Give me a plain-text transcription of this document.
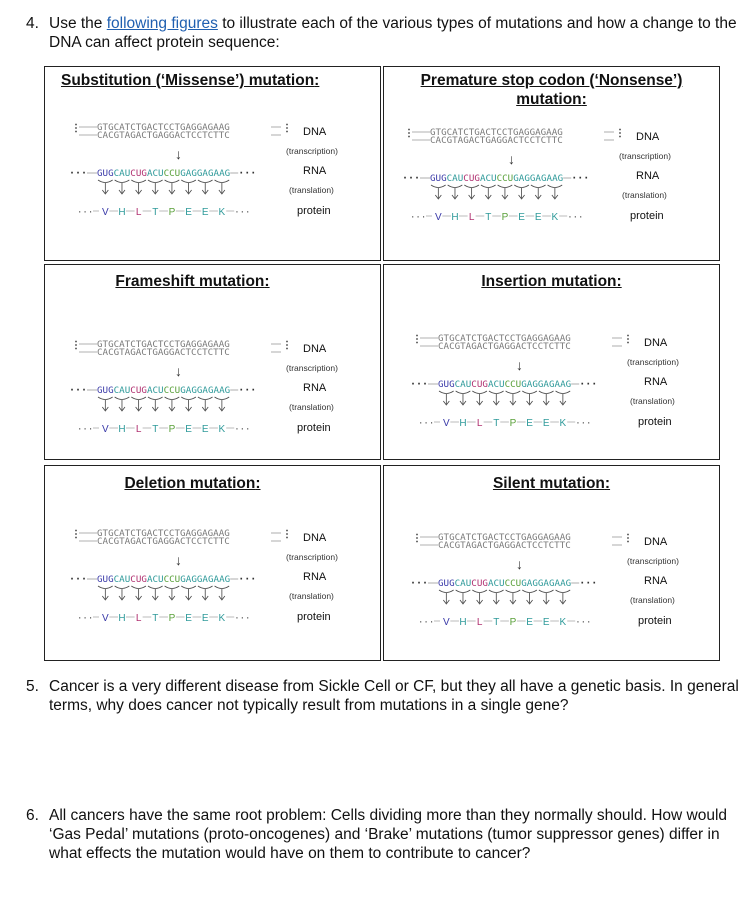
4. Use the following figures to illustrate each of the various types of mutations and how a change to the DNA can affect protein sequence:
Substitution (‘Missense’) mutation:
⋮ GTGCATCTGACTCCTGAGGAGAAG
CACGTAGACTGAGGACTCCTCTTC
⋮ DNA
↓	(transcription)
··· GUG CAU CUG ACU CCU GAG GAG AAG ···	RNA
(translation)
··· V H L T P E E K ···	protein
Premature stop codon (‘Nonsense’) mutation:
⋮ GTGCATCTGACTCCTGAGGAGAAG
CACGTAGACTGAGGACTCCTCTTC
⋮ DNA
↓	(transcription)
··· GUG CAU CUG ACU CCU GAG GAG AAG ···	RNA
(translation)
··· V H L T P E E K ···	protein
Frameshift mutation:
⋮ GTGCATCTGACTCCTGAGGAGAAG
CACGTAGACTGAGGACTCCTCTTC
⋮ DNA
↓	(transcription)
··· GUG CAU CUG ACU CCU GAG GAG AAG ···	RNA
(translation)
··· V H L T P E E K ···	protein
Insertion mutation:
⋮ GTGCATCTGACTCCTGAGGAGAAG
CACGTAGACTGAGGACTCCTCTTC
⋮ DNA
↓	(transcription)
··· GUG CAU CUG ACU CCU GAG GAG AAG ···	RNA
(translation)
··· V H L T P E E K ···	protein
Deletion mutation:
⋮ GTGCATCTGACTCCTGAGGAGAAG
CACGTAGACTGAGGACTCCTCTTC
⋮ DNA
↓	(transcription)
··· GUG CAU CUG ACU CCU GAG GAG AAG ···	RNA
(translation)
··· V H L T P E E K ···	protein
Silent mutation:
⋮ GTGCATCTGACTCCTGAGGAGAAG
CACGTAGACTGAGGACTCCTCTTC
⋮ DNA
↓	(transcription)
··· GUG CAU CUG ACU CCU GAG GAG AAG ···	RNA
(translation)
··· V H L T P E E K ···	protein
5. Cancer is a very different disease from Sickle Cell or CF, but they all have a genetic basis. In general terms, why does cancer not typically result from mutations in a single gene?
6. All cancers have the same root problem: Cells dividing more than they normally should. How would ‘Gas Pedal’ mutations (proto-oncogenes) and ‘Brake’ mutations (tumor suppressor genes) differ in what effects the mutation would have on them to contribute to cancer?
